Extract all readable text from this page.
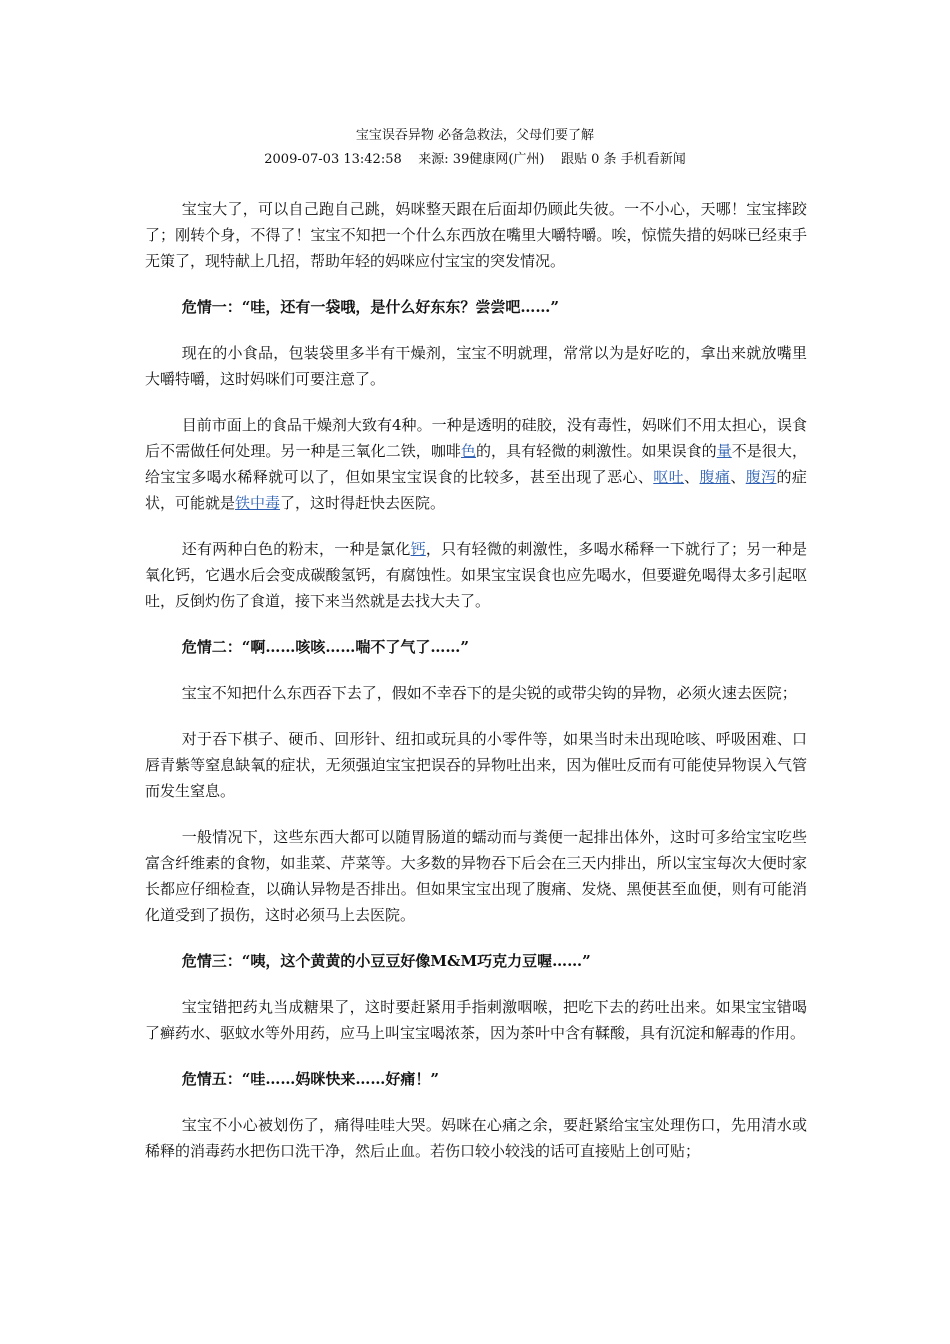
宝宝误吞异物 必备急救法，父母们要了解
2009-07-03 13:42:58 来源: 39健康网(广州) 跟贴 0 条 手机看新闻

宝宝大了，可以自己跑自己跳，妈咪整天跟在后面却仍顾此失彼。一不小心，天哪！宝宝摔跤了；刚转个身，不得了！宝宝不知把一个什么东西放在嘴里大嚼特嚼。唉，惊慌失措的妈咪已经束手无策了，现特献上几招，帮助年轻的妈咪应付宝宝的突发情况。

危情一：“哇，还有一袋哦，是什么好东东？尝尝吧……”

现在的小食品，包装袋里多半有干燥剂，宝宝不明就理，常常以为是好吃的，拿出来就放嘴里大嚼特嚼，这时妈咪们可要注意了。

目前市面上的食品干燥剂大致有4种。一种是透明的硅胶，没有毒性，妈咪们不用太担心，误食后不需做任何处理。另一种是三氧化二铁，咖啡色的，具有轻微的刺激性。如果误食的量不是很大，给宝宝多喝水稀释就可以了，但如果宝宝误食的比较多，甚至出现了恶心、呕吐、腹痛、腹泻的症状，可能就是铁中毒了，这时得赶快去医院。

还有两种白色的粉末，一种是氯化钙，只有轻微的刺激性，多喝水稀释一下就行了；另一种是氧化钙，它遇水后会变成碳酸氢钙，有腐蚀性。如果宝宝误食也应先喝水，但要避免喝得太多引起呕吐，反倒灼伤了食道，接下来当然就是去找大夫了。

危情二：“啊……咳咳……喘不了气了……”

宝宝不知把什么东西吞下去了，假如不幸吞下的是尖锐的或带尖钩的异物，必须火速去医院；

对于吞下棋子、硬币、回形针、纽扣或玩具的小零件等，如果当时未出现呛咳、呼吸困难、口唇青紫等窒息缺氧的症状，无须强迫宝宝把误吞的异物吐出来，因为催吐反而有可能使异物误入气管而发生窒息。

一般情况下，这些东西大都可以随胃肠道的蠕动而与粪便一起排出体外，这时可多给宝宝吃些富含纤维素的食物，如韭菜、芹菜等。大多数的异物吞下后会在三天内排出，所以宝宝每次大便时家长都应仔细检查，以确认异物是否排出。但如果宝宝出现了腹痛、发烧、黑便甚至血便，则有可能消化道受到了损伤，这时必须马上去医院。

危情三：“咦，这个黄黄的小豆豆好像M&M巧克力豆喔……”

宝宝错把药丸当成糖果了，这时要赶紧用手指刺激咽喉，把吃下去的药吐出来。如果宝宝错喝了癣药水、驱蚊水等外用药，应马上叫宝宝喝浓茶，因为茶叶中含有鞣酸，具有沉淀和解毒的作用。

危情五：“哇……妈咪快来……好痛！”

宝宝不小心被划伤了，痛得哇哇大哭。妈咪在心痛之余，要赶紧给宝宝处理伤口，先用清水或稀释的消毒药水把伤口洗干净，然后止血。若伤口较小较浅的话可直接贴上创可贴；
